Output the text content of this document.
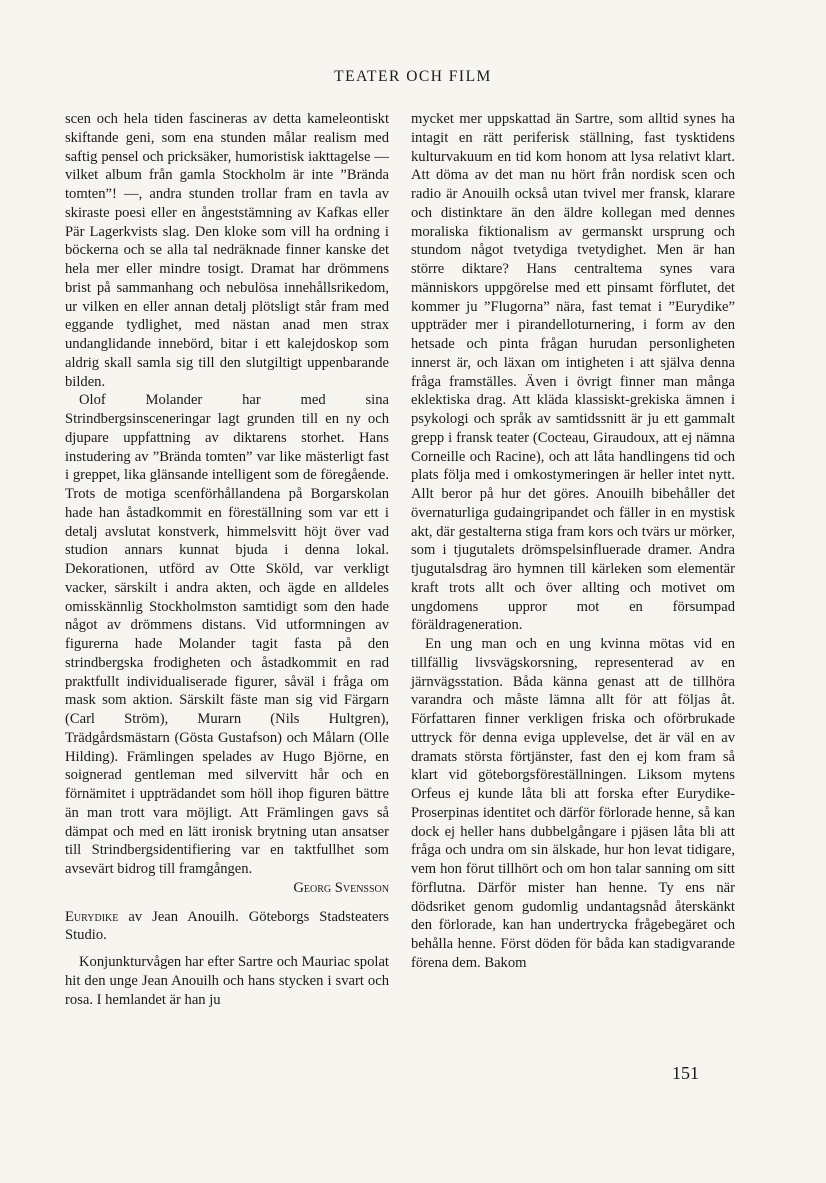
TEATER OCH FILM

scen och hela tiden fascineras av detta kameleontiskt skiftande geni, som ena stunden målar realism med saftig pensel och pricksäker, humoristisk iakttagelse — vilket album från gamla Stockholm är inte ”Brända tomten”! —, andra stunden trollar fram en tavla av skiraste poesi eller en ångeststämning av Kafkas eller Pär Lagerkvists slag. Den kloke som vill ha ordning i böckerna och se alla tal nedräknade finner kanske det hela mer eller mindre tosigt. Dramat har drömmens brist på sammanhang och nebulösa innehållsrikedom, ur vilken en eller annan detalj plötsligt står fram med eggande tydlighet, med nästan anad men strax undanglidande innebörd, bitar i ett kalejdoskop som aldrig skall samla sig till den slutgiltigt uppenbarande bilden.

Olof Molander har med sina Strindbergsinsceneringar lagt grunden till en ny och djupare uppfattning av diktarens storhet. Hans instudering av ”Brända tomten” var like mästerligt fast i greppet, lika glänsande intelligent som de föregående. Trots de motiga scenförhållandena på Borgarskolan hade han åstadkommit en föreställning som var ett i detalj avslutat konstverk, himmelsvitt höjt över vad studion annars kunnat bjuda i denna lokal. Dekorationen, utförd av Otte Sköld, var verkligt vacker, särskilt i andra akten, och ägde en alldeles omisskännlig Stockholmston samtidigt som den hade något av drömmens distans. Vid utformningen av figurerna hade Molander tagit fasta på den strindbergska frodigheten och åstadkommit en rad praktfullt individualiserade figurer, såväl i fråga om mask som aktion. Särskilt fäste man sig vid Färgarn (Carl Ström), Murarn (Nils Hultgren), Trädgårdsmästarn (Gösta Gustafson) och Målarn (Olle Hilding). Främlingen spelades av Hugo Björne, en soignerad gentleman med silvervitt hår och en förnämitet i uppträdandet som höll ihop figuren bättre än man trott vara möjligt. Att Främlingen gavs så dämpat och med en lätt ironisk brytning utan ansatser till Strindbergsidentifiering var en taktfullhet som avsevärt bidrog till framgången.
Georg Svensson

Eurydike av Jean Anouilh. Göteborgs Stadsteaters Studio.

Konjunkturvågen har efter Sartre och Mauriac spolat hit den unge Jean Anouilh och hans stycken i svart och rosa. I hemlandet är han ju

mycket mer uppskattad än Sartre, som alltid synes ha intagit en rätt periferisk ställning, fast tysktidens kulturvakuum en tid kom honom att lysa relativt klart. Att döma av det man nu hört från nordisk scen och radio är Anouilh också utan tvivel mer fransk, klarare och distinktare än den äldre kollegan med dennes moraliska fiktionalism av germanskt ursprung och stundom något tvetydiga tvetydighet. Men är han större diktare? Hans centraltema synes vara människors uppgörelse med ett pinsamt förflutet, det kommer ju ”Flugorna” nära, fast temat i ”Eurydike” uppträder mer i pirandelloturnering, i form av den hetsade och pinta frågan hurudan personligheten innerst är, och läxan om intigheten i att själva denna fråga framställes. Även i övrigt finner man många eklektiska drag. Att kläda klassiskt-grekiska ämnen i psykologi och språk av samtidssnitt är ju ett gammalt grepp i fransk teater (Cocteau, Giraudoux, att ej nämna Corneille och Racine), och att låta handlingens tid och plats följa med i omkostymeringen är heller intet nytt. Allt beror på hur det göres. Anouilh bibehåller det övernaturliga gudaingripandet och fäller in en mystisk akt, där gestalterna stiga fram kors och tvärs ur mörker, som i tjugutalets drömspelsinfluerade dramer. Andra tjugutalsdrag äro hymnen till kärleken som elementär kraft trots allt och över allting och motivet om ungdomens uppror mot en försumpad föräldrageneration.

En ung man och en ung kvinna mötas vid en tillfällig livsvägskorsning, representerad av en järnvägsstation. Båda känna genast att de tillhöra varandra och måste lämna allt för att följas åt. Författaren finner verkligen friska och oförbrukade uttryck för denna eviga upplevelse, det är väl en av dramats största förtjänster, fast den ej kom fram så klart vid göteborgsföreställningen. Liksom mytens Orfeus ej kunde låta bli att forska efter Eurydike-Proserpinas identitet och därför förlorade henne, så kan dock ej heller hans dubbelgångare i pjäsen låta bli att fråga och undra om sin älskade, hur hon levat tidigare, vem hon förut tillhört och om hon talar sanning om sitt förflutna. Därför mister han henne. Ty ens när dödsriket genom gudomlig undantagsnåd återskänkt den förlorade, kan han undertrycka frågebegäret och behålla henne. Först döden för båda kan stadigvarande förena dem. Bakom

151
